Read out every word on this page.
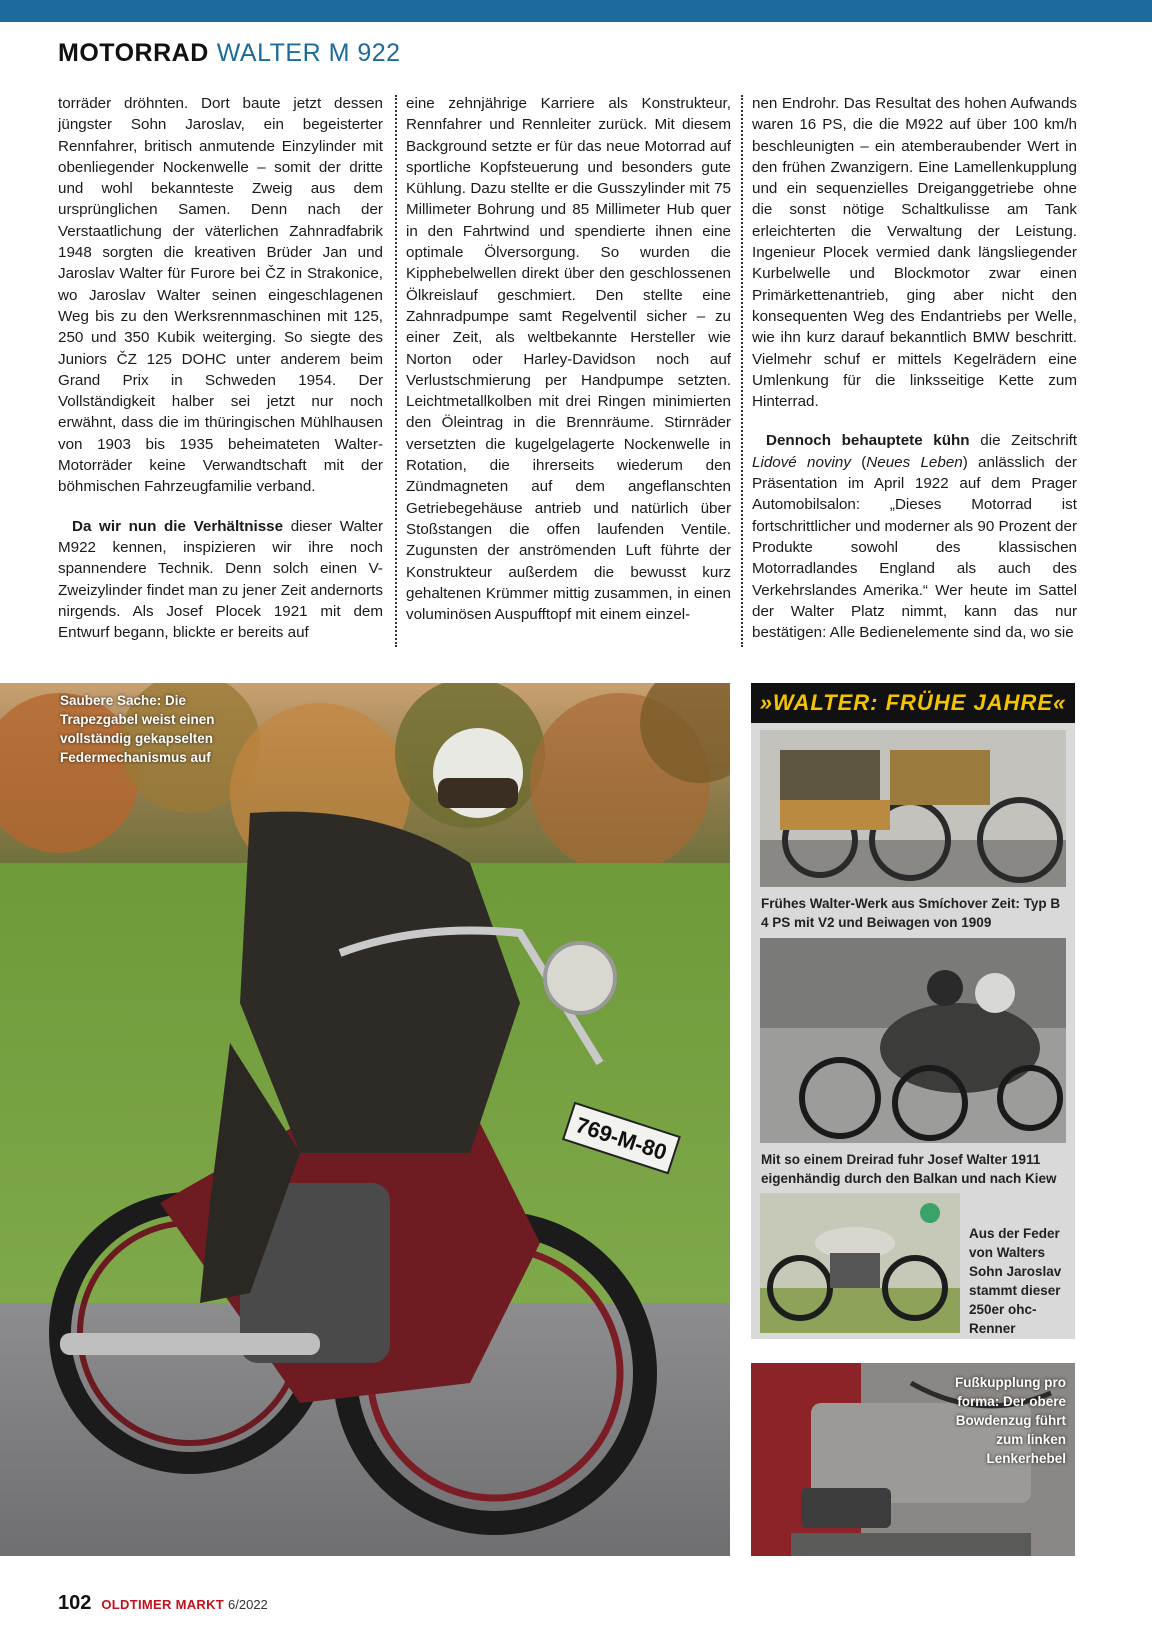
MOTORRAD WALTER M 922

torräder dröhnten. Dort baute jetzt dessen jüngster Sohn Jaroslav, ein begeisterter Rennfahrer, britisch anmutende Einzylinder mit obenliegender Nockenwelle – somit der dritte und wohl bekannteste Zweig aus dem ursprünglichen Samen. Denn nach der Verstaatlichung der väterlichen Zahnradfabrik 1948 sorgten die kreativen Brüder Jan und Jaroslav Walter für Furore bei ČZ in Strakonice, wo Jaroslav Walter seinen eingeschlagenen Weg bis zu den Werksrennmaschinen mit 125, 250 und 350 Kubik weiterging. So siegte des Juniors ČZ 125 DOHC unter anderem beim Grand Prix in Schweden 1954. Der Vollständigkeit halber sei jetzt nur noch erwähnt, dass die im thüringischen Mühlhausen von 1903 bis 1935 beheimateten Walter-Motorräder keine Verwandtschaft mit der böhmischen Fahrzeugfamilie verband.

Da wir nun die Verhältnisse dieser Walter M922 kennen, inspizieren wir ihre noch spannendere Technik. Denn solch einen V-Zweizylinder findet man zu jener Zeit andernorts nirgends. Als Josef Plocek 1921 mit dem Entwurf begann, blickte er bereits auf

eine zehnjährige Karriere als Konstrukteur, Rennfahrer und Rennleiter zurück. Mit diesem Background setzte er für das neue Motorrad auf sportliche Kopfsteuerung und besonders gute Kühlung. Dazu stellte er die Gusszylinder mit 75 Millimeter Bohrung und 85 Millimeter Hub quer in den Fahrtwind und spendierte ihnen eine optimale Ölversorgung. So wurden die Kipphebelwellen direkt über den geschlossenen Ölkreislauf geschmiert. Den stellte eine Zahnradpumpe samt Regelventil sicher – zu einer Zeit, als weltbekannte Hersteller wie Norton oder Harley-Davidson noch auf Verlustschmierung per Handpumpe setzten. Leichtmetallkolben mit drei Ringen minimierten den Öleintrag in die Brennräume. Stirnräder versetzten die kugelgelagerte Nockenwelle in Rotation, die ihrerseits wiederum den Zündmagneten auf dem angeflanschten Getriebegehäuse antrieb und natürlich über Stoßstangen die offen laufenden Ventile. Zugunsten der anströmenden Luft führte der Konstrukteur außerdem die bewusst kurz gehaltenen Krümmer mittig zusammen, in einen voluminösen Auspufftopf mit einem einzel-

nen Endrohr. Das Resultat des hohen Aufwands waren 16 PS, die die M922 auf über 100 km/h beschleunigten – ein atemberaubender Wert in den frühen Zwanzigern. Eine Lamellenkupplung und ein sequenzielles Dreiganggetriebe ohne die sonst nötige Schaltkulisse am Tank erleichterten die Verwaltung der Leistung. Ingenieur Plocek vermied dank längsliegender Kurbelwelle und Blockmotor zwar einen Primärkettenantrieb, ging aber nicht den konsequenten Weg des Endantriebs per Welle, wie ihn kurz darauf bekanntlich BMW beschritt. Vielmehr schuf er mittels Kegelrädern eine Umlenkung für die linksseitige Kette zum Hinterrad.

Dennoch behauptete kühn die Zeitschrift Lidové noviny (Neues Leben) anlässlich der Präsentation im April 1922 auf dem Prager Automobilsalon: „Dieses Motorrad ist fortschrittlicher und moderner als 90 Prozent der Produkte sowohl des klassischen Motorradlandes England als auch des Verkehrslandes Amerika.“ Wer heute im Sattel der Walter Platz nimmt, kann das nur bestätigen: Alle Bedienelemente sind da, wo sie

769-M-80
Saubere Sache: Die Trapezgabel weist einen vollständig gekapselten Federmechanismus auf
»WALTER: FRÜHE JAHRE«
Frühes Walter-Werk aus Smíchover Zeit: Typ B 4 PS mit V2 und Beiwagen von 1909
Mit so einem Dreirad fuhr Josef Walter 1911 eigenhändig durch den Balkan und nach Kiew
Aus der Feder von Walters Sohn Jaroslav stammt dieser 250er ohc-Renner
Fußkupplung pro forma: Der obere Bowdenzug führt zum linken Lenkerhebel
102 OLDTIMER MARKT 6/2022
